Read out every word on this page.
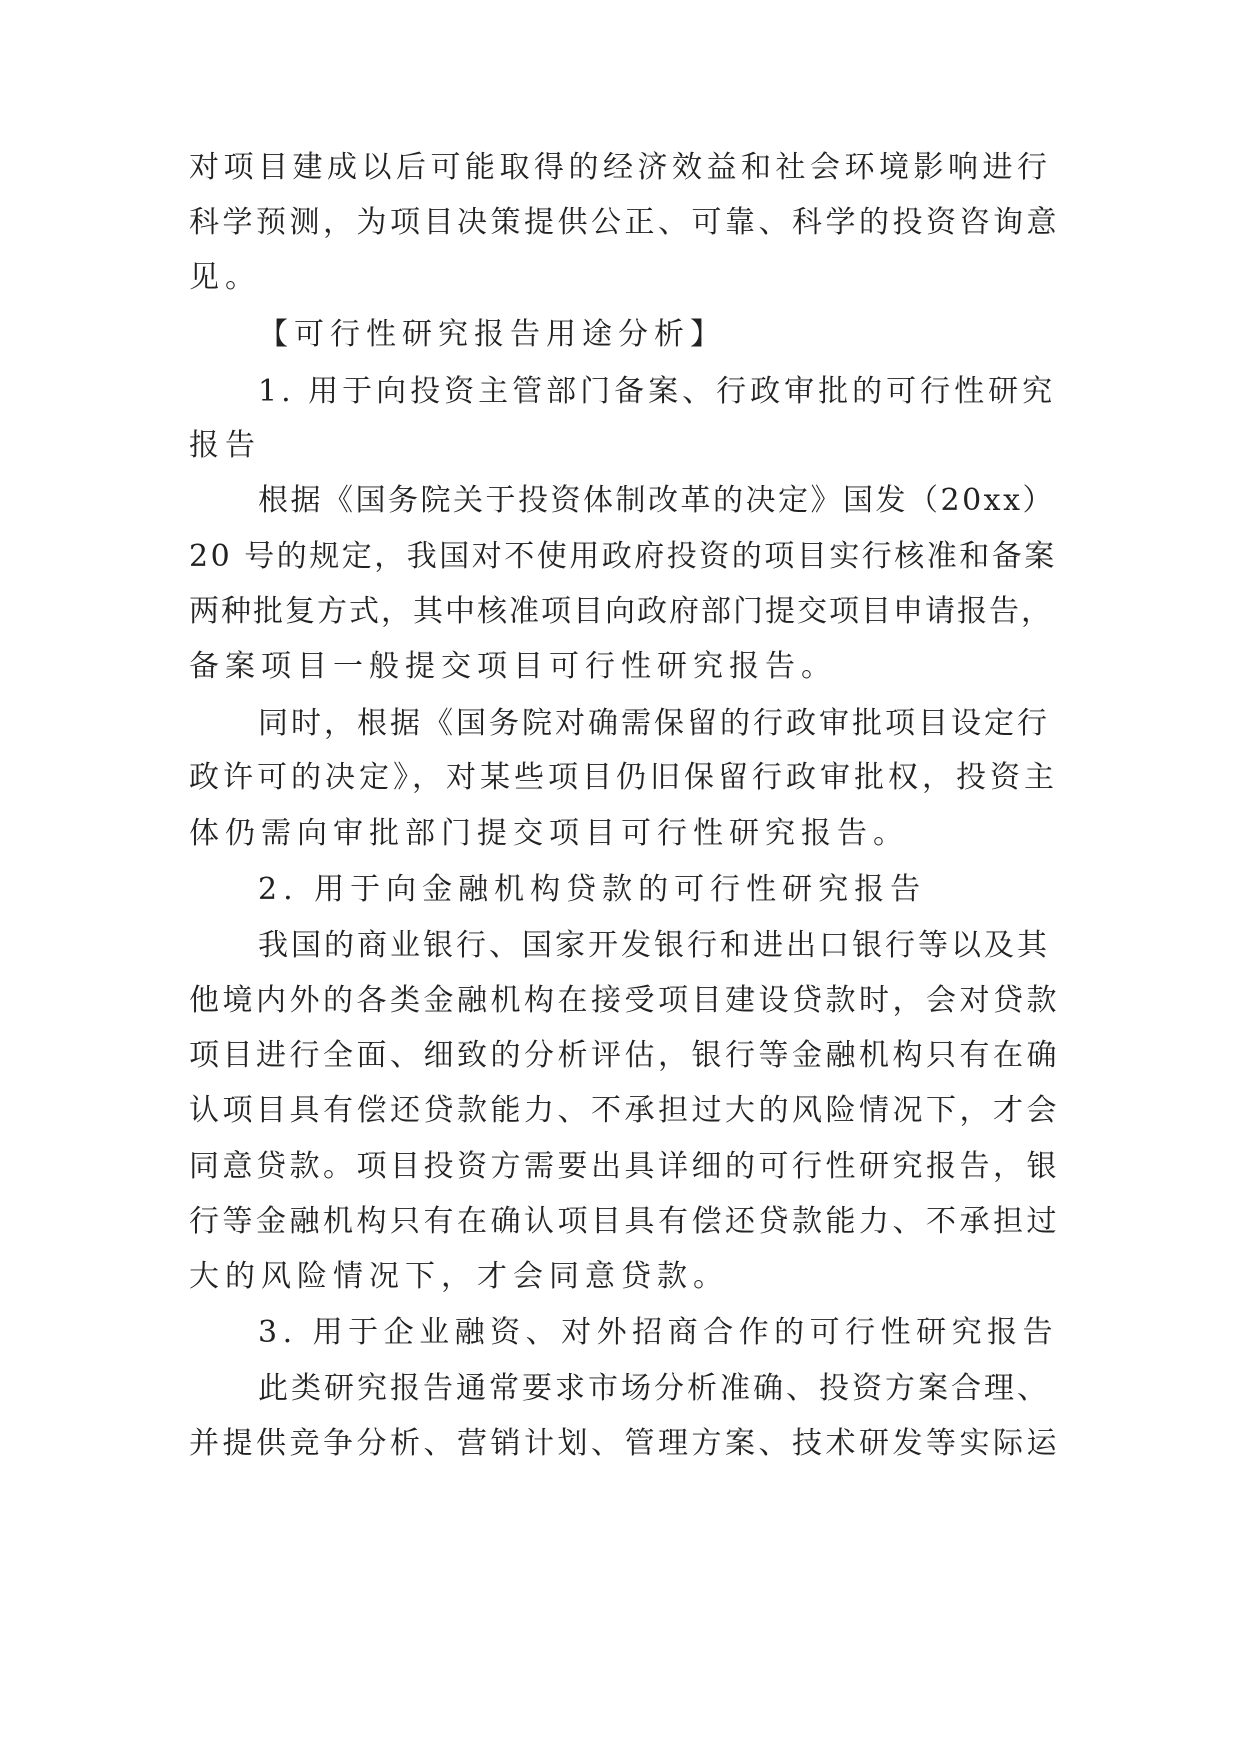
对项目建成以后可能取得的经济效益和社会环境影响进行
科学预测，为项目决策提供公正、可靠、科学的投资咨询意
见。
【可行性研究报告用途分析】
1. 用于向投资主管部门备案、行政审批的可行性研究
报告
根据《国务院关于投资体制改革的决定》国发（20xx）
20 号的规定，我国对不使用政府投资的项目实行核准和备案
两种批复方式，其中核准项目向政府部门提交项目申请报告，
备案项目一般提交项目可行性研究报告。
同时，根据《国务院对确需保留的行政审批项目设定行
政许可的决定》，对某些项目仍旧保留行政审批权，投资主
体仍需向审批部门提交项目可行性研究报告。
2. 用于向金融机构贷款的可行性研究报告
我国的商业银行、国家开发银行和进出口银行等以及其
他境内外的各类金融机构在接受项目建设贷款时，会对贷款
项目进行全面、细致的分析评估，银行等金融机构只有在确
认项目具有偿还贷款能力、不承担过大的风险情况下，才会
同意贷款。项目投资方需要出具详细的可行性研究报告，银
行等金融机构只有在确认项目具有偿还贷款能力、不承担过
大的风险情况下，才会同意贷款。
3. 用于企业融资、对外招商合作的可行性研究报告
此类研究报告通常要求市场分析准确、投资方案合理、
并提供竞争分析、营销计划、管理方案、技术研发等实际运
